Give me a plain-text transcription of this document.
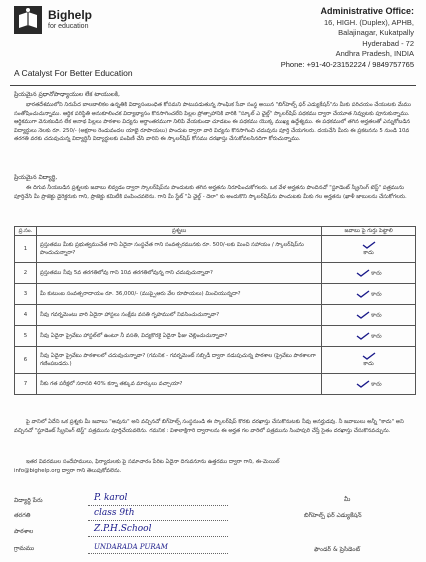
Bighelp
for education
A Catalyst For Better Education
Administrative Office:
16, HIGH. (Duplex), APHB,
Balajinagar, Kukatpally
Hyderabad - 72
Andhra Pradesh, INDIA
Phone: +91-40-23152224 / 9849757765
ప్రియమైన ప్రధానోపాధ్యాయుల లేక టాయులకి,
భారతదేశములోని నిరుపేద బాలబాలికల ఉన్నతికి విద్యాసంబంధిత కోసమని పాటుపడుతున్న సాంఘిక సేవా సంస్థ అయిన "బిగ్‌హెల్ప్ ఫర్ ఎడ్యుకేషన్"ను మీకు పరిచయం చేయుటకు మేము సంతోషించుచున్నాము. ఆర్థిక పరిస్థితి అనుకూలించక విద్యాభ్యాసం కొనసాగించలేని పిల్లల ప్రోత్సాహానికి వారికి "స్కూల్ ఎ ఛైల్డ్" స్కాలర్‌షిప్ పథకము ద్వారా చేయూత నివ్వుటకు పూనుకున్నాము. ఆర్థికముగా వెనుకబడిన లేక అనాథ పిల్లలు పాఠశాల విద్యను అర్ధాంతరముగా నిలిపి వేయకుండా చూడటం ఈ పథకము యొక్క ముఖ్య ఉద్దేశ్యము. ఈ పథకములో తగిన అర్హతలతో ఎన్నుకోబడిన విద్యార్థులు నెలకు రూ. 250/- (అక్షరాల రెండువందల యాభై రూపాయలు) పొందుట ద్వారా వారి విద్యను కొనసాగించి చదువును పూర్తి చేయగలరు. దయచేసి మీరు ఈ ప్రకటనను 5 నుండి 10వ తరగతి వరకు చదువుచున్న విద్యార్థినీ విద్యార్థులకు పంపిణీ చేసి వారిని ఈ స్కాలర్‌షిప్ కోసము దరఖాస్తు చేసుకోవలసినదిగా కోరుచున్నాము.
ప్రియమైన విద్యార్థి,
ఈ దిగువ నీయబడిన ప్రశ్నలకు జవాబు లివ్వడం ద్వారా స్కాలర్‌షిప్‌ను పొందుటకు తగిన అర్హతను నిరూపించుకోగలరు. ఒక వేళ అర్హతను పొందినచో "స్టూడెంట్ స్క్రీనింగ్ టెస్ట్" పత్రమును పూర్తిచేసి మీ ప్రాజెక్టు డైరెక్టరుకు గాని, ప్రాజెక్టు కమిటీకి పంపించవలెను. గాని మీ స్టేట్ "ఏ ఛైల్డ్ - దెలా" కు అందుకొని స్కాలర్‌షిప్‌ను పొందుటకు మీకు గల అర్హతను (ఖాళీ జాబులను చేసుకోగలరు.
ప్ర.సం.	ప్రశ్నలు	జవాబు పై గుర్తు పెట్టాలి
1	ప్రస్తుతము మీకు ప్రభుత్వముచేత గాని ఏదైనా సంస్థచేత గాని సంవత్సరమునకు రూ. 500/-లకు మించి సహాయం / స్కాలర్‌షిప్‌ను పొందుచున్నారా?	కాదు

2	ప్రస్తుతము నీవు 5వ తరగతిలోవు గాని 10వ తరగతిలోవున్న గాని చదువుచున్నావా?	కాదు
3	మీ కుటుంబ సంవత్సరాదాయం రూ. 36,000/- (ముప్పైఆరు వేల రూపాయలు) మించియున్నదా?	కాదు
4	నీవు గవర్నమెంటు వారి ఏదైనా హాస్టలు సంక్షేమ వసతి గృహములో నివసించుచున్నావా?	కాదు
5	నీవు ఏదైనా ప్రైవేటు హాస్టల్‌లో ఉంటూ నీ వసతి, విద్యకొరకై ఏదైనా ఫీజు చెల్లించుచున్నావా?	కాదు
6	నీవు ఏదైనా ప్రైవేటు పాఠశాలలో చదువుచున్నావా? (గమనిక - గవర్నమెంట్ సబ్సిడీ ద్వారా నడుపుచున్న పాఠశాల (ప్రైవేటు పాఠశాలగా గణింపబడదు.)	కాదు

7	నీకు గత పరీక్షలో సరాసరి 40% కన్నా తక్కువ మార్కులు వచ్చాయా?	కాదు
పై వానిలో ఏదేని ఒక ప్రశ్నకు మీ జవాబు "అవును" అని వచ్చినచో బిగ్‌హెల్ప్ సంస్థనుండి ఈ స్కాలర్‌షిప్ కొరకు దరఖాస్తు చేసుకొనుటకు నీవు అనర్హుడవు. నీ జవాబులు అన్నీ "కాదు" అని వచ్చినచో "స్టూడెంట్ స్క్రీనింగ్ టెస్ట్" పత్రమును పూర్తిచేయవలెను. గమనిక : విశాలాక్షిగారి ద్వారాలను ఈ అర్హత గల వారిలో పత్రమును సింహపురి చేస్తే సైతం దరఖాస్తు చేసుకొనవచ్చును.
ఇతర వివరముల సందేహములు, ఫిర్యాదులకు పై సమాచారం పేరిట ఏదైనా దిగువనూను ఉత్తరము ద్వారా గాని, ఈ-మెయిల్
info@bighelp.org ద్వారా గాని తెలుపుకోవలెను.
విద్యార్థి పేరు	P. karol
తరగతి	class 9th
పాఠశాల	Z.P.H.School
గ్రామము	UNDARADA PURAM
మీ
బిగ్‌హెల్ప్ ఫర్ ఎడ్యుకేషన్
ఫౌండర్ & ప్రెసిడెంట్
